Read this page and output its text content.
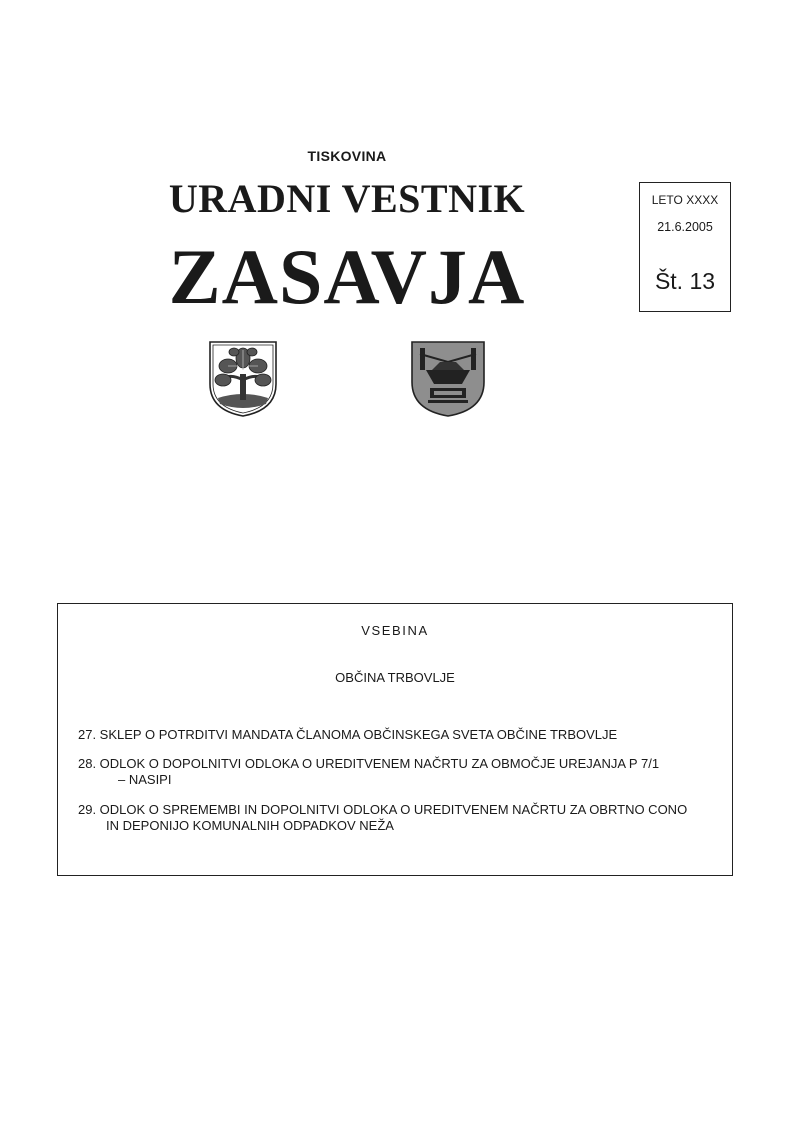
TISKOVINA
URADNI VESTNIK
ZASAVJA
LETO XXXX
21.6.2005
Št. 13
VSEBINA
OBČINA TRBOVLJE
27. SKLEP O POTRDITVI MANDATA ČLANOMA OBČINSKEGA SVETA OBČINE TRBOVLJE
28. ODLOK O DOPOLNITVI ODLOKA O UREDITVENEM NAČRTU ZA OBMOČJE UREJANJA P 7/1
– NASIPI
29. ODLOK O SPREMEMBI IN DOPOLNITVI ODLOKA O UREDITVENEM NAČRTU ZA OBRTNO CONO
IN DEPONIJO KOMUNALNIH ODPADKOV NEŽA
